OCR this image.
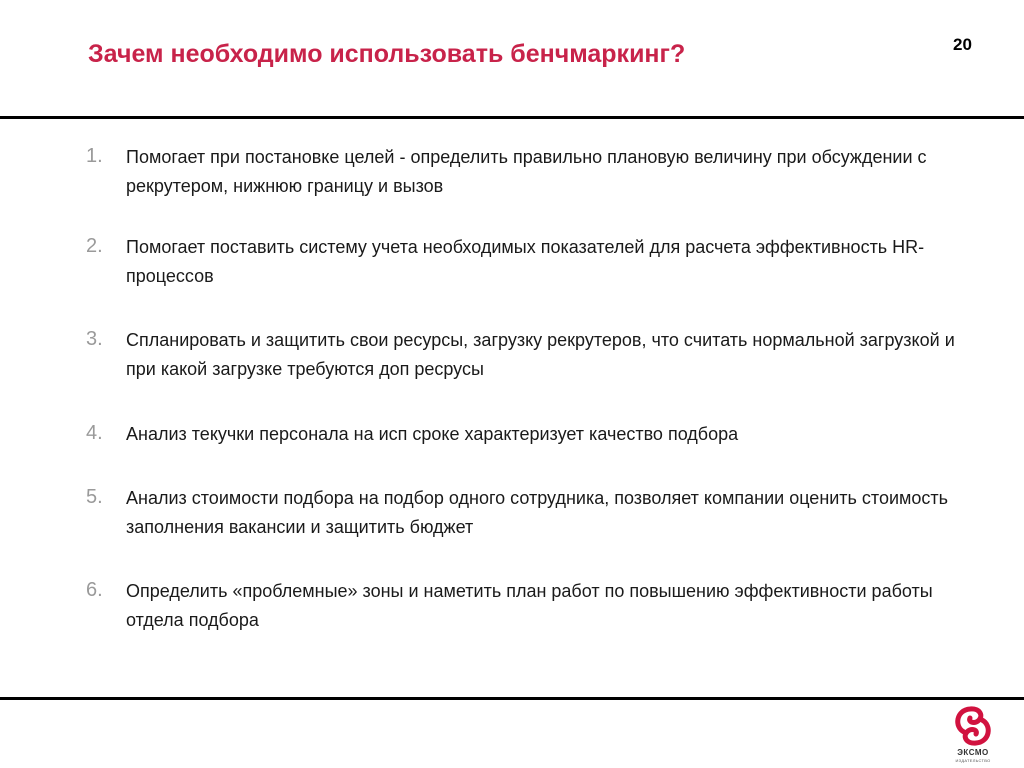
Зачем необходимо использовать бенчмаркинг?	20
1.	Помогает при постановке целей - определить правильно плановую величину при обсуждении с рекрутером, нижнюю границу и вызов
2.	Помогает поставить систему учета необходимых показателей для расчета эффективность HR-процессов
3.	Спланировать и защитить свои ресурсы, загрузку рекрутеров, что считать нормальной загрузкой и при какой загрузке требуются доп ресрусы
4.	Анализ текучки персонала на исп сроке характеризует качество подбора
5.	Анализ стоимости подбора на подбор одного сотрудника, позволяет компании оценить стоимость заполнения вакансии и защитить бюджет
6.	Определить «проблемные» зоны и наметить план работ по повышению эффективности работы отдела подбора
ЭКСМО
ИЗДАТЕЛЬСТВО
